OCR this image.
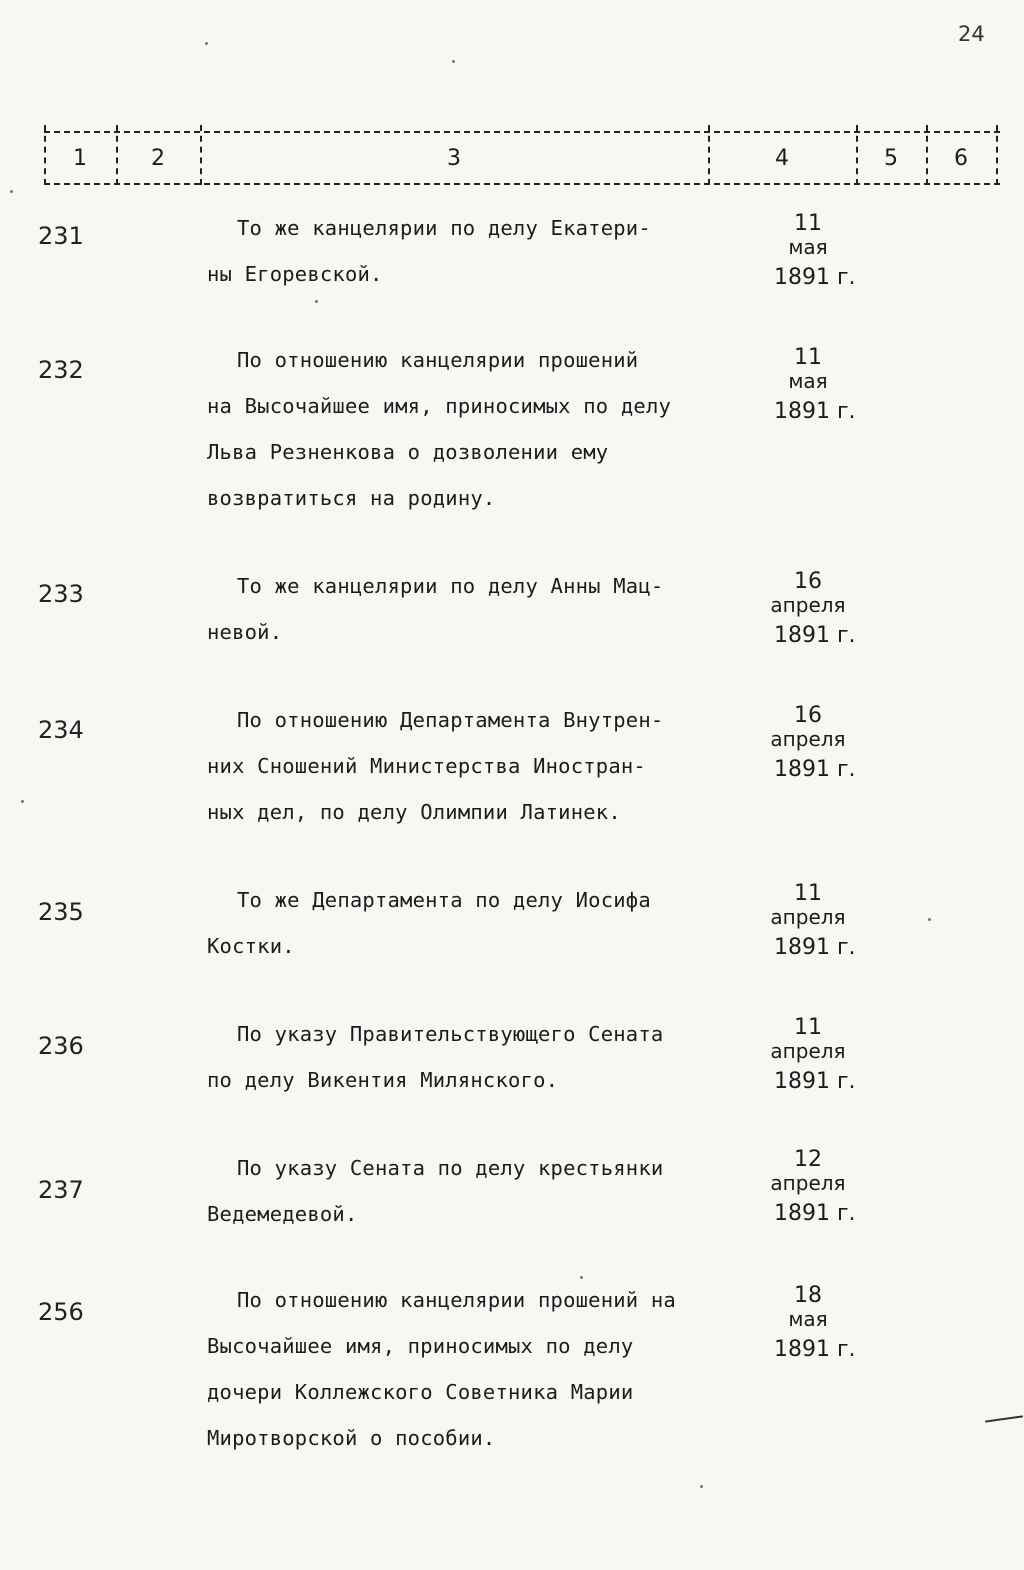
24
1	2	3	4	5	6
231	То же канцелярии по делу Екатери-
ны Егоревской.
11
мая
1891 г.
232	По отношению канцелярии прошений
на Высочайшее имя, приносимых по делу
Льва Резненкова о дозволении ему
возвратиться на родину.
11
мая
1891 г.
233	То же канцелярии по делу Анны Мац-
невой.
16
апреля
1891 г.
234	По отношению Департамента Внутрен-
них Сношений Министерства Иностран-
ных дел, по делу Олимпии Латинек.
16
апреля
1891 г.
235	То же Департамента по делу Иосифа
Костки.
11
апреля
1891 г.
236	По указу Правительствующего Сената
по делу Викентия Милянского.
11
апреля
1891 г.
237
По указу Сената по делу крестьянки
Ведемедевой.
12
апреля
1891 г.
256	По отношению канцелярии прошений на
Высочайшее имя, приносимых по делу
дочери Коллежского Советника Марии
Миротворской о пособии.
18
мая
1891 г.
